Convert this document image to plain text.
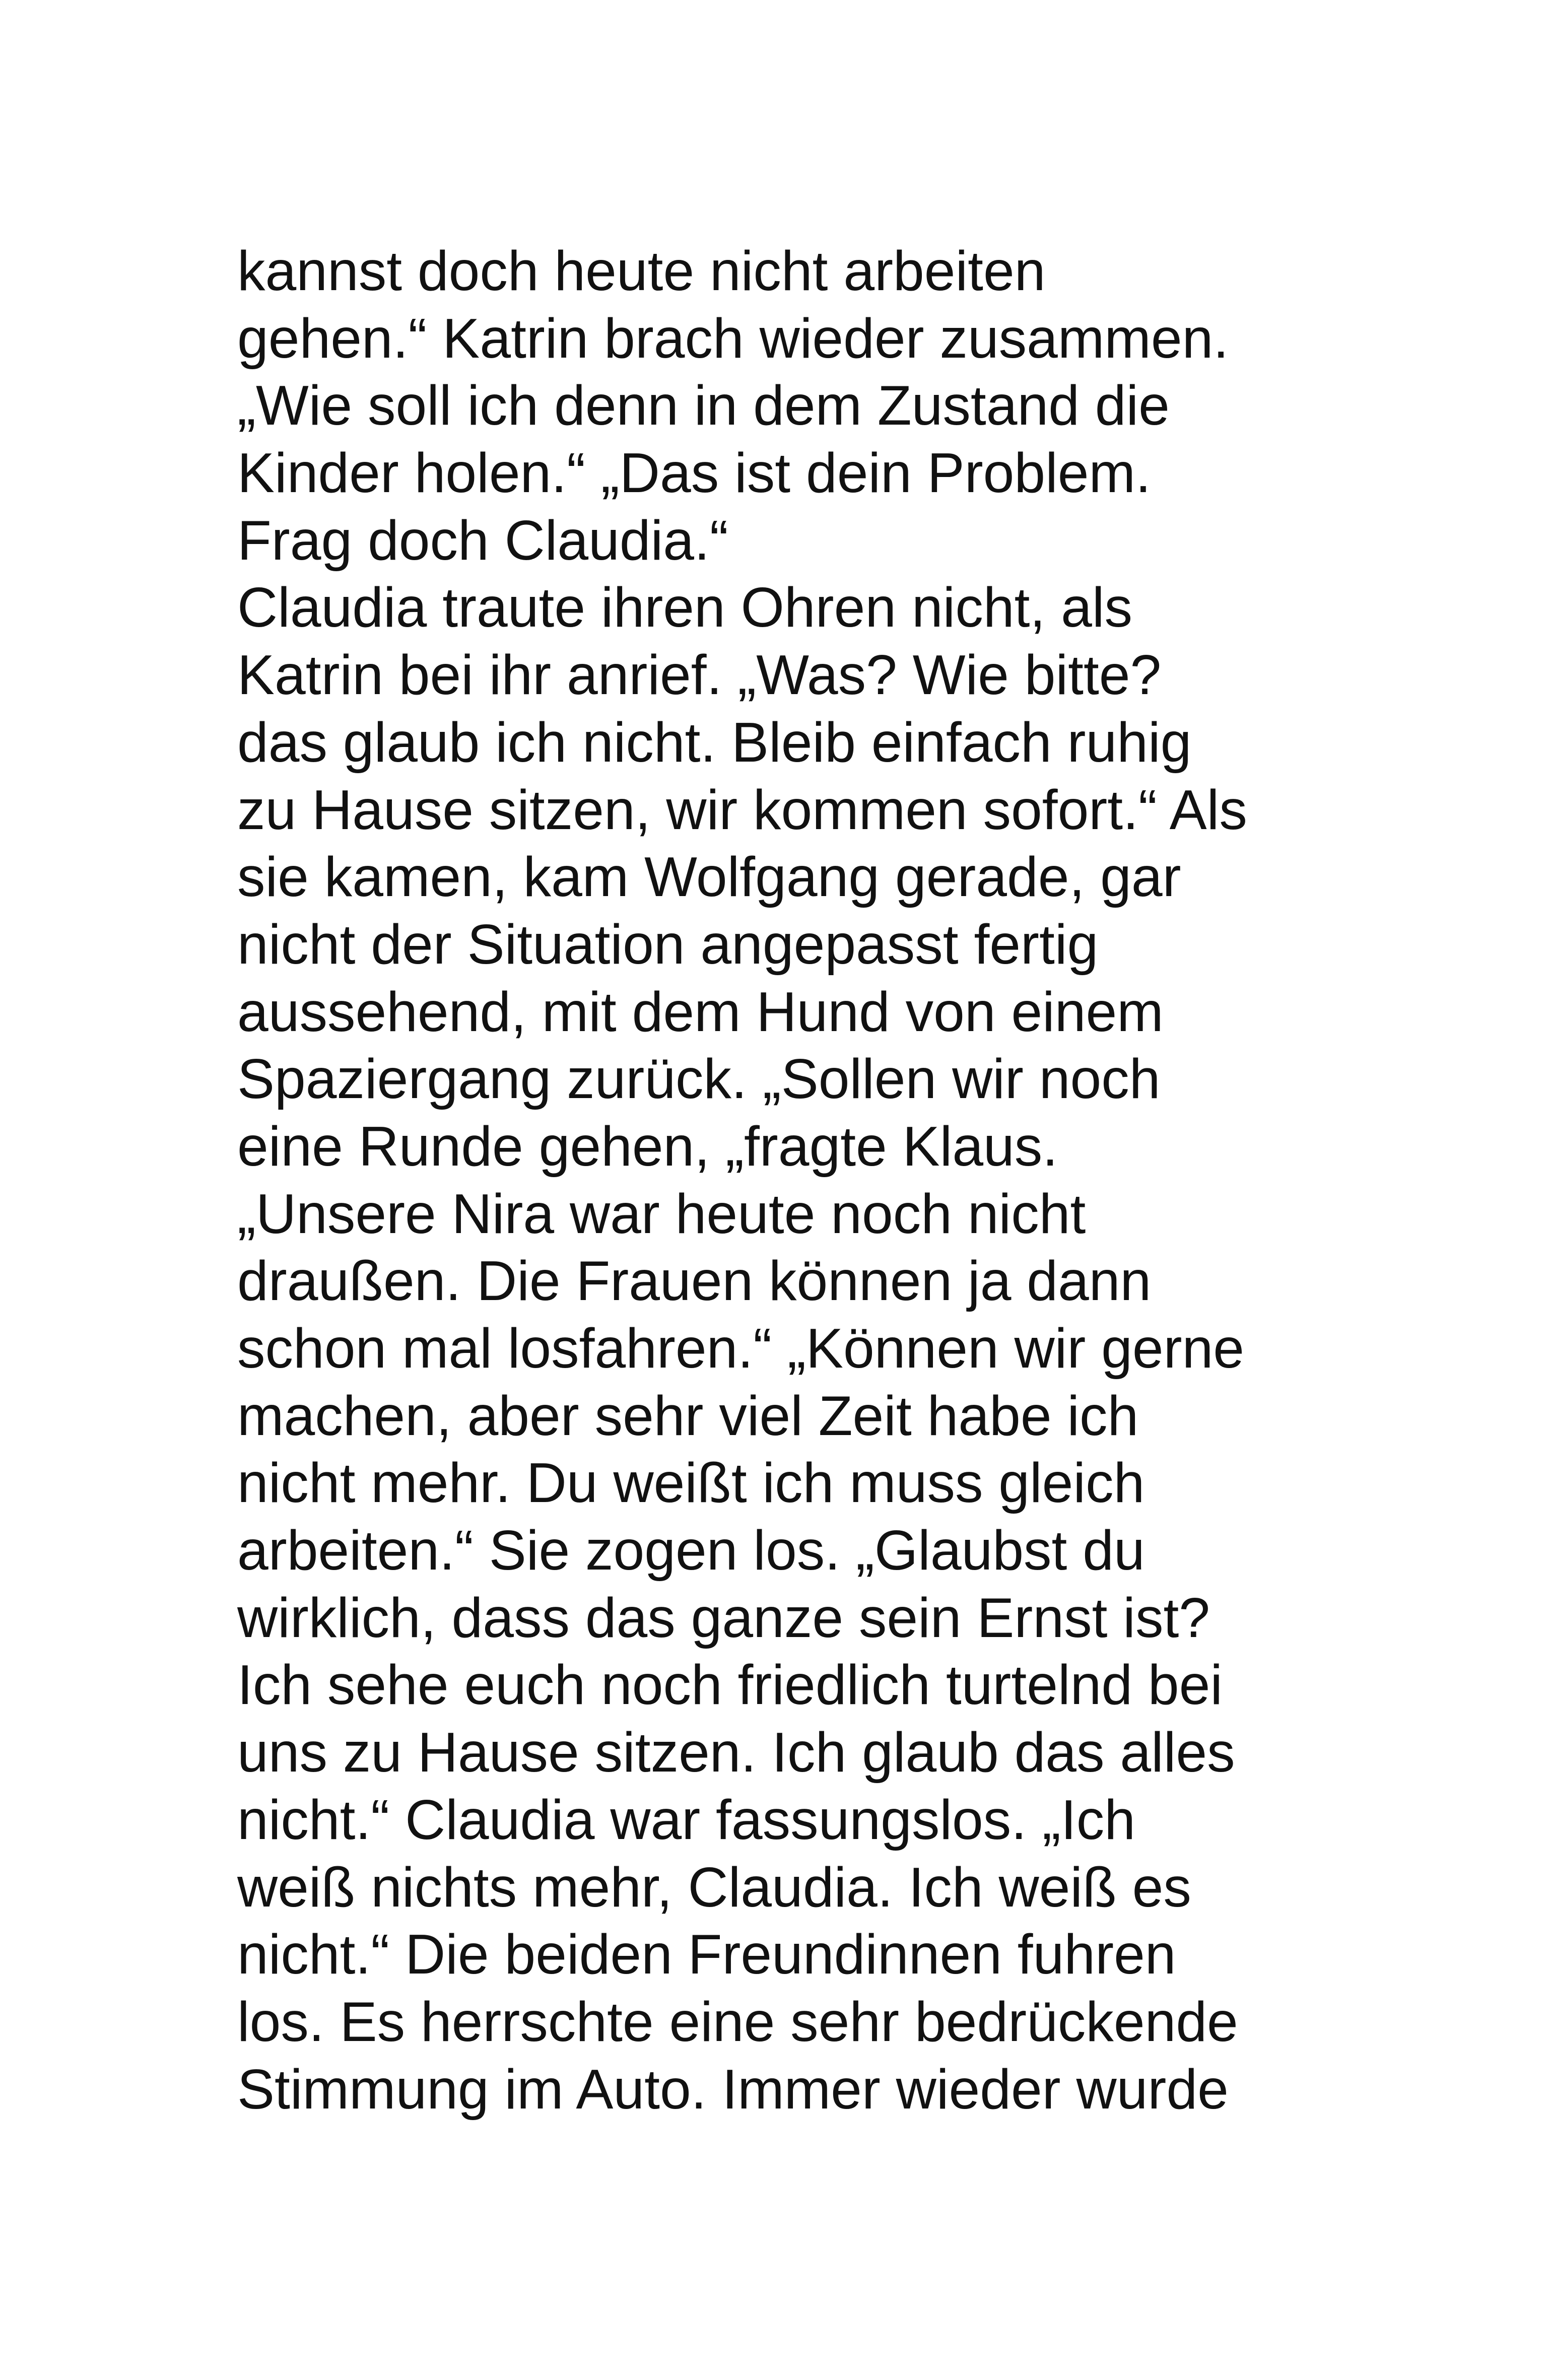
kannst doch heute nicht arbeiten
gehen.“ Katrin brach wieder zusammen.
„Wie soll ich denn in dem Zustand die
Kinder holen.“ „Das ist dein Problem.
Frag doch Claudia.“
Claudia traute ihren Ohren nicht, als
Katrin bei ihr anrief. „Was? Wie bitte?
das glaub ich nicht. Bleib einfach ruhig
zu Hause sitzen, wir kommen sofort.“ Als
sie kamen, kam Wolfgang gerade, gar
nicht der Situation angepasst fertig
aussehend, mit dem Hund von einem
Spaziergang zurück. „Sollen wir noch
eine Runde gehen, „fragte Klaus.
„Unsere Nira war heute noch nicht
draußen. Die Frauen können ja dann
schon mal losfahren.“ „Können wir gerne
machen, aber sehr viel Zeit habe ich
nicht mehr. Du weißt ich muss gleich
arbeiten.“ Sie zogen los. „Glaubst du
wirklich, dass das ganze sein Ernst ist?
Ich sehe euch noch friedlich turtelnd bei
uns zu Hause sitzen. Ich glaub das alles
nicht.“ Claudia war fassungslos. „Ich
weiß nichts mehr, Claudia. Ich weiß es
nicht.“ Die beiden Freundinnen fuhren
los. Es herrschte eine sehr bedrückende
Stimmung im Auto. Immer wieder wurde
